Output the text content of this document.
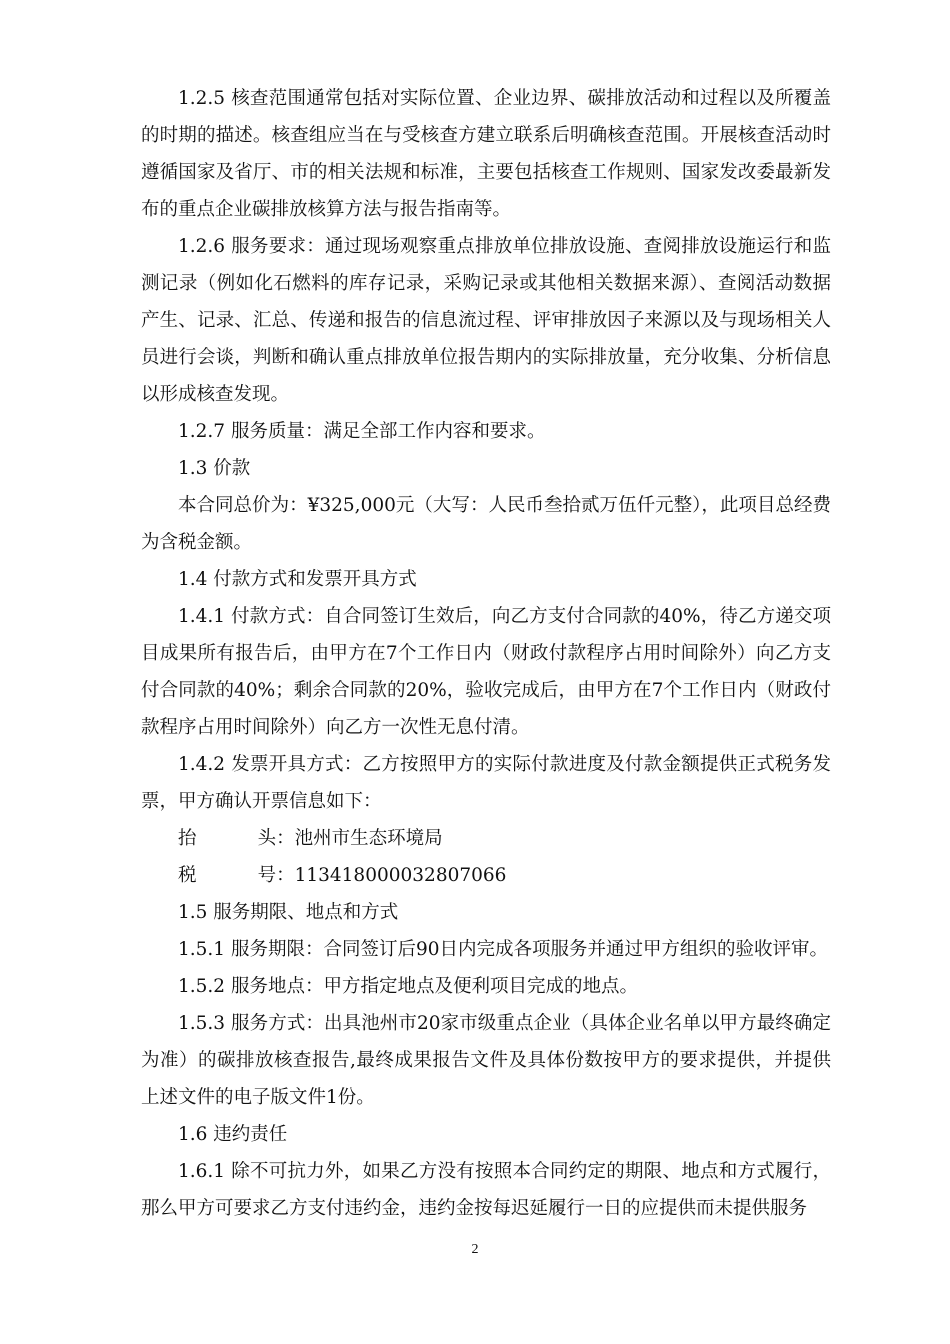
1.2.5 核查范围通常包括对实际位置、企业边界、碳排放活动和过程以及所覆盖的时期的描述。核查组应当在与受核查方建立联系后明确核查范围。开展核查活动时遵循国家及省厅、市的相关法规和标准，主要包括核查工作规则、国家发改委最新发布的重点企业碳排放核算方法与报告指南等。

1.2.6 服务要求：通过现场观察重点排放单位排放设施、查阅排放设施运行和监测记录（例如化石燃料的库存记录，采购记录或其他相关数据来源）、查阅活动数据产生、记录、汇总、传递和报告的信息流过程、评审排放因子来源以及与现场相关人员进行会谈，判断和确认重点排放单位报告期内的实际排放量，充分收集、分析信息以形成核查发现。

1.2.7 服务质量：满足全部工作内容和要求。

1.3 价款

本合同总价为：¥325,000元（大写：人民币叁拾贰万伍仟元整），此项目总经费为含税金额。

1.4 付款方式和发票开具方式

1.4.1 付款方式：自合同签订生效后，向乙方支付合同款的40%，待乙方递交项目成果所有报告后，由甲方在7个工作日内（财政付款程序占用时间除外）向乙方支付合同款的40%；剩余合同款的20%，验收完成后，由甲方在7个工作日内（财政付款程序占用时间除外）向乙方一次性无息付清。

1.4.2 发票开具方式：乙方按照甲方的实际付款进度及付款金额提供正式税务发票，甲方确认开票信息如下：

抬	头：池州市生态环境局
税	号：113418000032807066

1.5 服务期限、地点和方式

1.5.1 服务期限：合同签订后90日内完成各项服务并通过甲方组织的验收评审。

1.5.2 服务地点：甲方指定地点及便利项目完成的地点。

1.5.3 服务方式：出具池州市20家市级重点企业（具体企业名单以甲方最终确定为准）的碳排放核查报告,最终成果报告文件及具体份数按甲方的要求提供，并提供上述文件的电子版文件1份。

1.6 违约责任

1.6.1 除不可抗力外，如果乙方没有按照本合同约定的期限、地点和方式履行，那么甲方可要求乙方支付违约金，违约金按每迟延履行一日的应提供而未提供服务

2
